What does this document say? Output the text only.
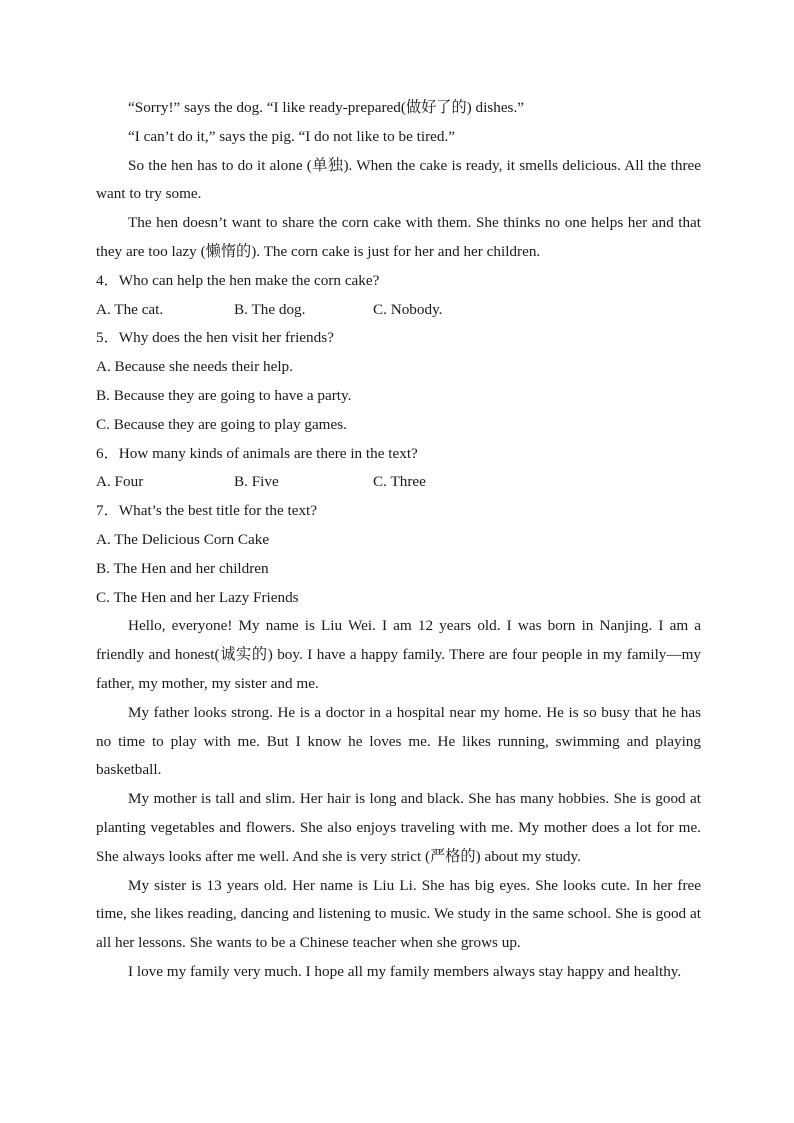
“Sorry!” says the dog. “I like ready-prepared(做好了的) dishes.”

“I can’t do it,” says the pig. “I do not like to be tired.”

So the hen has to do it alone (单独). When the cake is ready, it smells delicious. All the three want to try some.

The hen doesn’t want to share the corn cake with them. She thinks no one helps her and that they are too lazy (懒惰的). The corn cake is just for her and her children.

4．Who can help the hen make the corn cake?

A. The cat.	B. The dog.	C. Nobody.

5．Why does the hen visit her friends?

A. Because she needs their help.

B. Because they are going to have a party.

C. Because they are going to play games.

6．How many kinds of animals are there in the text?

A. Four	B. Five	C. Three

7．What’s the best title for the text?

A. The Delicious Corn Cake

B. The Hen and her children

C. The Hen and her Lazy Friends

Hello, everyone! My name is Liu Wei. I am 12 years old. I was born in Nanjing. I am a friendly and honest(诚实的) boy. I have a happy family. There are four people in my family—my father, my mother, my sister and me.

My father looks strong. He is a doctor in a hospital near my home. He is so busy that he has no time to play with me. But I know he loves me. He likes running, swimming and playing basketball.

My mother is tall and slim. Her hair is long and black. She has many hobbies. She is good at planting vegetables and flowers. She also enjoys traveling with me. My mother does a lot for me. She always looks after me well. And she is very strict (严格的) about my study.

My sister is 13 years old. Her name is Liu Li. She has big eyes. She looks cute. In her free time, she likes reading, dancing and listening to music. We study in the same school. She is good at all her lessons. She wants to be a Chinese teacher when she grows up.

I love my family very much. I hope all my family members always stay happy and healthy.
